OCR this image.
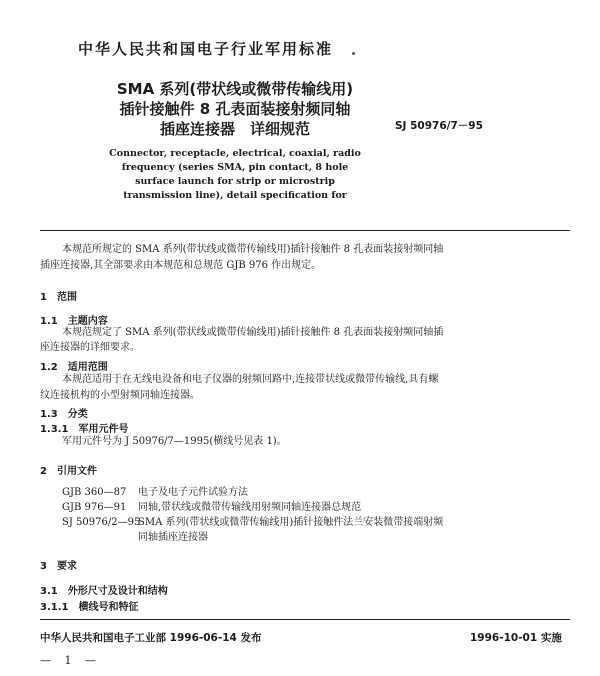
中华人民共和国电子行业军用标准
SMA 系列(带状线或微带传输线用)
插针接触件 8 孔表面装接射频同轴
插座连接器　详细规范	SJ 50976/7－95
Connector, receptacle, electrical, coaxial, radio
frequency (series SMA, pin contact, 8 hole
surface launch for strip or microstrip
transmission line), detail specification for
本规范所规定的 SMA 系列(带状线或微带传输线用)插针接触件 8 孔表面装接射频同轴
插座连接器,其全部要求由本规范和总规范 GJB 976 作出规定。
1　范围
1.1　主题内容
本规范规定了 SMA 系列(带状线或微带传输线用)插针接触件 8 孔表面装接射频同轴插
座连接器的详细要求。
1.2　适用范围
本规范适用于在无线电设备和电子仪器的射频回路中,连接带状线或微带传输线,具有螺
纹连接机构的小型射频同轴连接器。
1.3　分类
1.3.1　军用元件号
军用元件号为 J 50976/7—1995(横线号见表 1)。
2　引用文件
GJB 360—87 电子及电子元件试验方法
GJB 976—91 同轴,带状线或微带传输线用射频同轴连接器总规范
SJ 50976/2—95
SMA 系列(带状线或微带传输线用)插针接触件法兰安装微带接端射频
同轴插座连接器
3　要求
3.1　外形尺寸及设计和结构
3.1.1　横线号和特征
中华人民共和国电子工业部 1996-06-14 发布	1996-10-01 实施
— 1 —
